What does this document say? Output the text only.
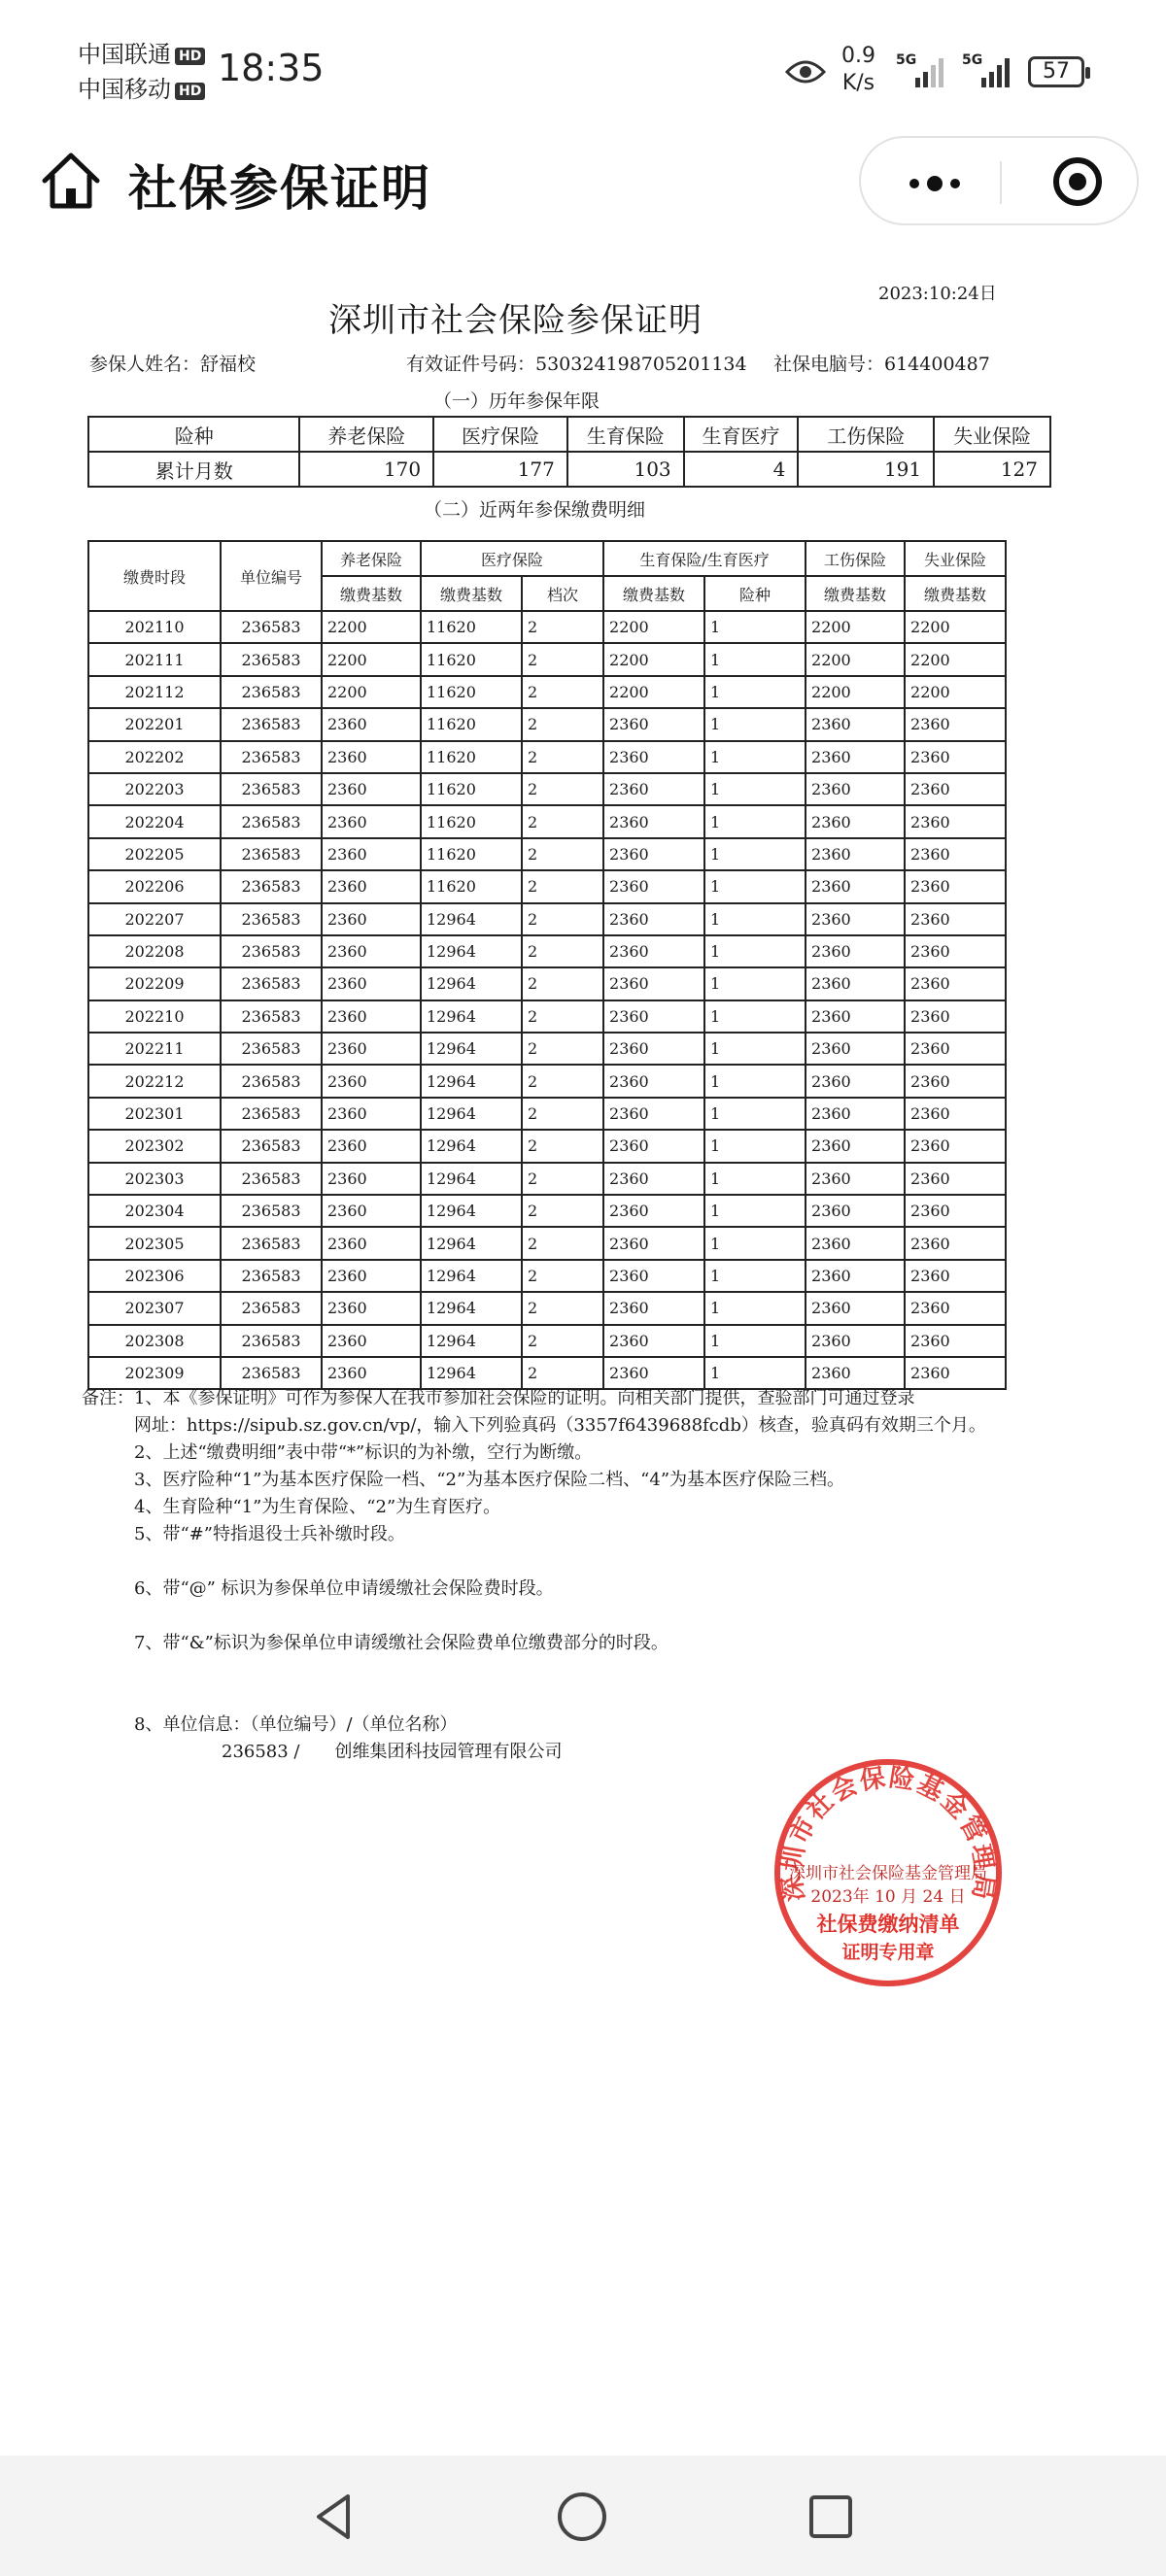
中国联通 HD
中国移动 HD
18:35	0.9
K/s
5G	5G	57
社保参保证明
2023:10:24日
深圳市社会保险参保证明
参保人姓名：舒福校	有效证件号码：530324198705201134 社保电脑号：614400487
（一）历年参保年限
险种	养老保险	医疗保险	生育保险	生育医疗	工伤保险	失业保险
累计月数	170	177	103	4	191	127
（二）近两年参保缴费明细
缴费时段	单位编号	养老保险	医疗保险		生育保险/生育医疗		工伤保险	失业保险
		缴费基数	缴费基数	档次	缴费基数	险种	缴费基数	缴费基数
202110	236583	2200	11620	2	2200	1	2200	2200
202111	236583	2200	11620	2	2200	1	2200	2200
202112	236583	2200	11620	2	2200	1	2200	2200
202201	236583	2360	11620	2	2360	1	2360	2360
202202	236583	2360	11620	2	2360	1	2360	2360
202203	236583	2360	11620	2	2360	1	2360	2360
202204	236583	2360	11620	2	2360	1	2360	2360
202205	236583	2360	11620	2	2360	1	2360	2360
202206	236583	2360	11620	2	2360	1	2360	2360
202207	236583	2360	12964	2	2360	1	2360	2360
202208	236583	2360	12964	2	2360	1	2360	2360
202209	236583	2360	12964	2	2360	1	2360	2360
202210	236583	2360	12964	2	2360	1	2360	2360
202211	236583	2360	12964	2	2360	1	2360	2360
202212	236583	2360	12964	2	2360	1	2360	2360
202301	236583	2360	12964	2	2360	1	2360	2360
202302	236583	2360	12964	2	2360	1	2360	2360
202303	236583	2360	12964	2	2360	1	2360	2360
202304	236583	2360	12964	2	2360	1	2360	2360
202305	236583	2360	12964	2	2360	1	2360	2360
202306	236583	2360	12964	2	2360	1	2360	2360
202307	236583	2360	12964	2	2360	1	2360	2360
202308	236583	2360	12964	2	2360	1	2360	2360
202309	236583	2360	12964	2	2360	1	2360	2360
备注：1、本《参保证明》可作为参保人在我市参加社会保险的证明。向相关部门提供，查验部门可通过登录
　　　网址：https://sipub.sz.gov.cn/vp/，输入下列验真码（3357f6439688fcdb）核查，验真码有效期三个月。
　　　2、上述“缴费明细”表中带“*”标识的为补缴，空行为断缴。
　　　3、医疗险种“1”为基本医疗保险一档、“2”为基本医疗保险二档、“4”为基本医疗保险三档。
　　　4、生育险种“1”为生育保险、“2”为生育医疗。
　　　5、带“#”特指退役士兵补缴时段。
　　　6、带“@” 标识为参保单位申请缓缴社会保险费时段。
　　　7、带“&”标识为参保单位申请缓缴社会保险费单位缴费部分的时段。
　　　8、单位信息：（单位编号）/（单位名称）
　　　　　　　　236583 /　　创维集团科技园管理有限公司
深圳市社会保险基金管理局
深圳市社会保险基金管理局
2023年 10 月 24 日
社保费缴纳清单
证明专用章
